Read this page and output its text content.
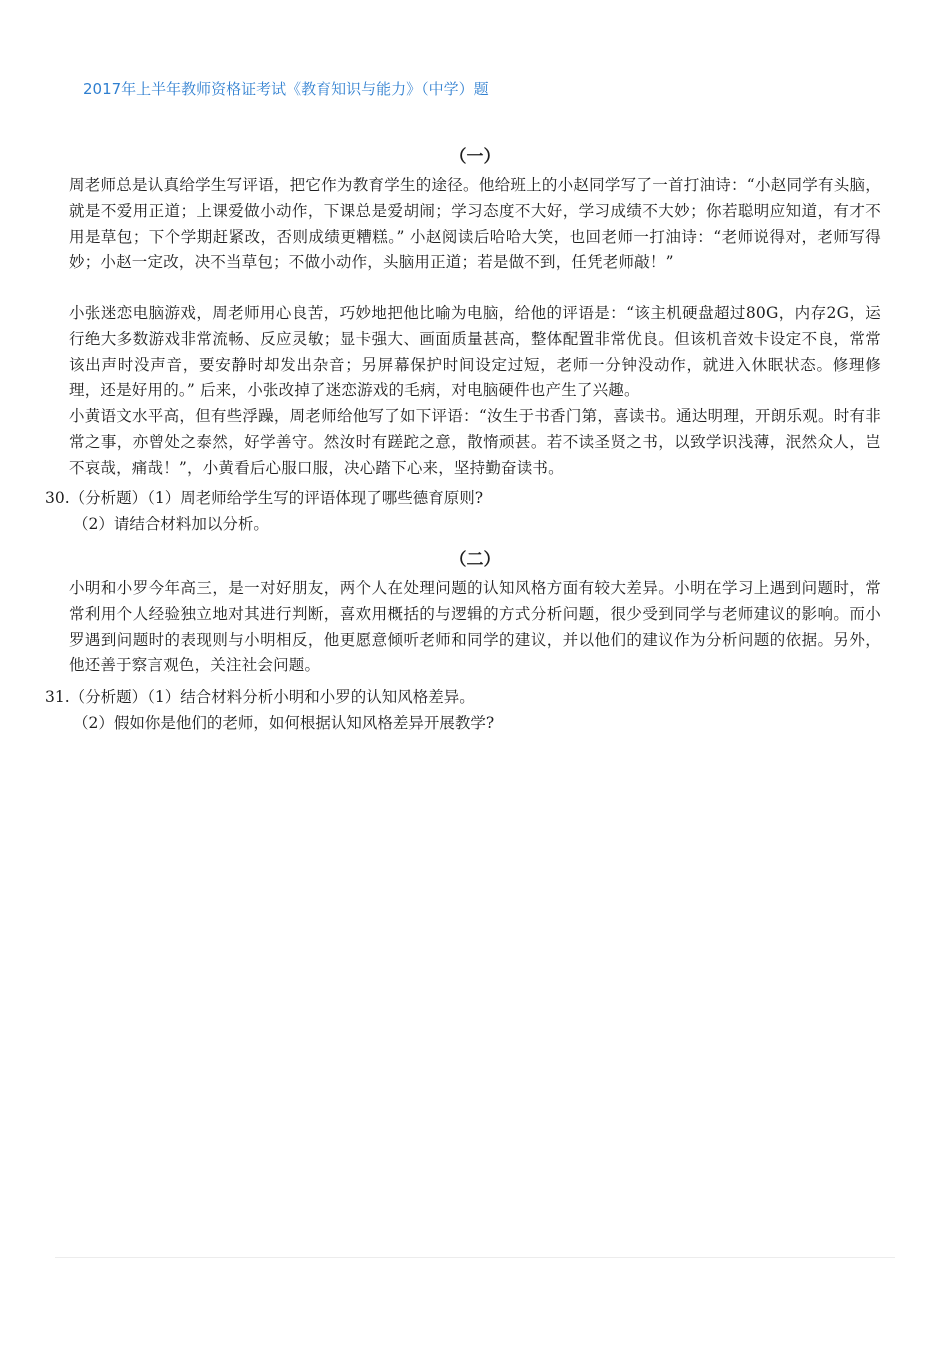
2017年上半年教师资格证考试《教育知识与能力》（中学）题
（一）
周老师总是认真给学生写评语，把它作为教育学生的途径。他给班上的小赵同学写了一首打油诗：“小赵同学有头脑，就是不爱用正道；上课爱做小动作，下课总是爱胡闹；学习态度不大好，学习成绩不大妙；你若聪明应知道，有才不用是草包；下个学期赶紧改，否则成绩更糟糕。” 小赵阅读后哈哈大笑，也回老师一打油诗：“老师说得对，老师写得妙；小赵一定改，决不当草包；不做小动作，头脑用正道；若是做不到，任凭老师敲！”
小张迷恋电脑游戏，周老师用心良苦，巧妙地把他比喻为电脑，给他的评语是：“该主机硬盘超过80G，内存2G，运行绝大多数游戏非常流畅、反应灵敏；显卡强大、画面质量甚高，整体配置非常优良。但该机音效卡设定不良，常常该出声时没声音，要安静时却发出杂音；另屏幕保护时间设定过短，老师一分钟没动作，就进入休眠状态。修理修理，还是好用的。” 后来，小张改掉了迷恋游戏的毛病，对电脑硬件也产生了兴趣。
小黄语文水平高，但有些浮躁，周老师给他写了如下评语：“汝生于书香门第，喜读书。通达明理，开朗乐观。时有非常之事，亦曾处之泰然，好学善守。然汝时有蹉跎之意，散惰顽甚。若不读圣贤之书，以致学识浅薄，泯然众人，岂不哀哉，痛哉！”，小黄看后心服口服，决心踏下心来，坚持勤奋读书。
30.（分析题）（1）周老师给学生写的评语体现了哪些德育原则?
（2）请结合材料加以分析。
（二）
小明和小罗今年高三，是一对好朋友，两个人在处理问题的认知风格方面有较大差异。小明在学习上遇到问题时，常常利用个人经验独立地对其进行判断，喜欢用概括的与逻辑的方式分析问题，很少受到同学与老师建议的影响。而小罗遇到问题时的表现则与小明相反，他更愿意倾听老师和同学的建议，并以他们的建议作为分析问题的依据。另外，他还善于察言观色，关注社会问题。
31.（分析题）（1）结合材料分析小明和小罗的认知风格差异。
（2）假如你是他们的老师，如何根据认知风格差异开展教学?
